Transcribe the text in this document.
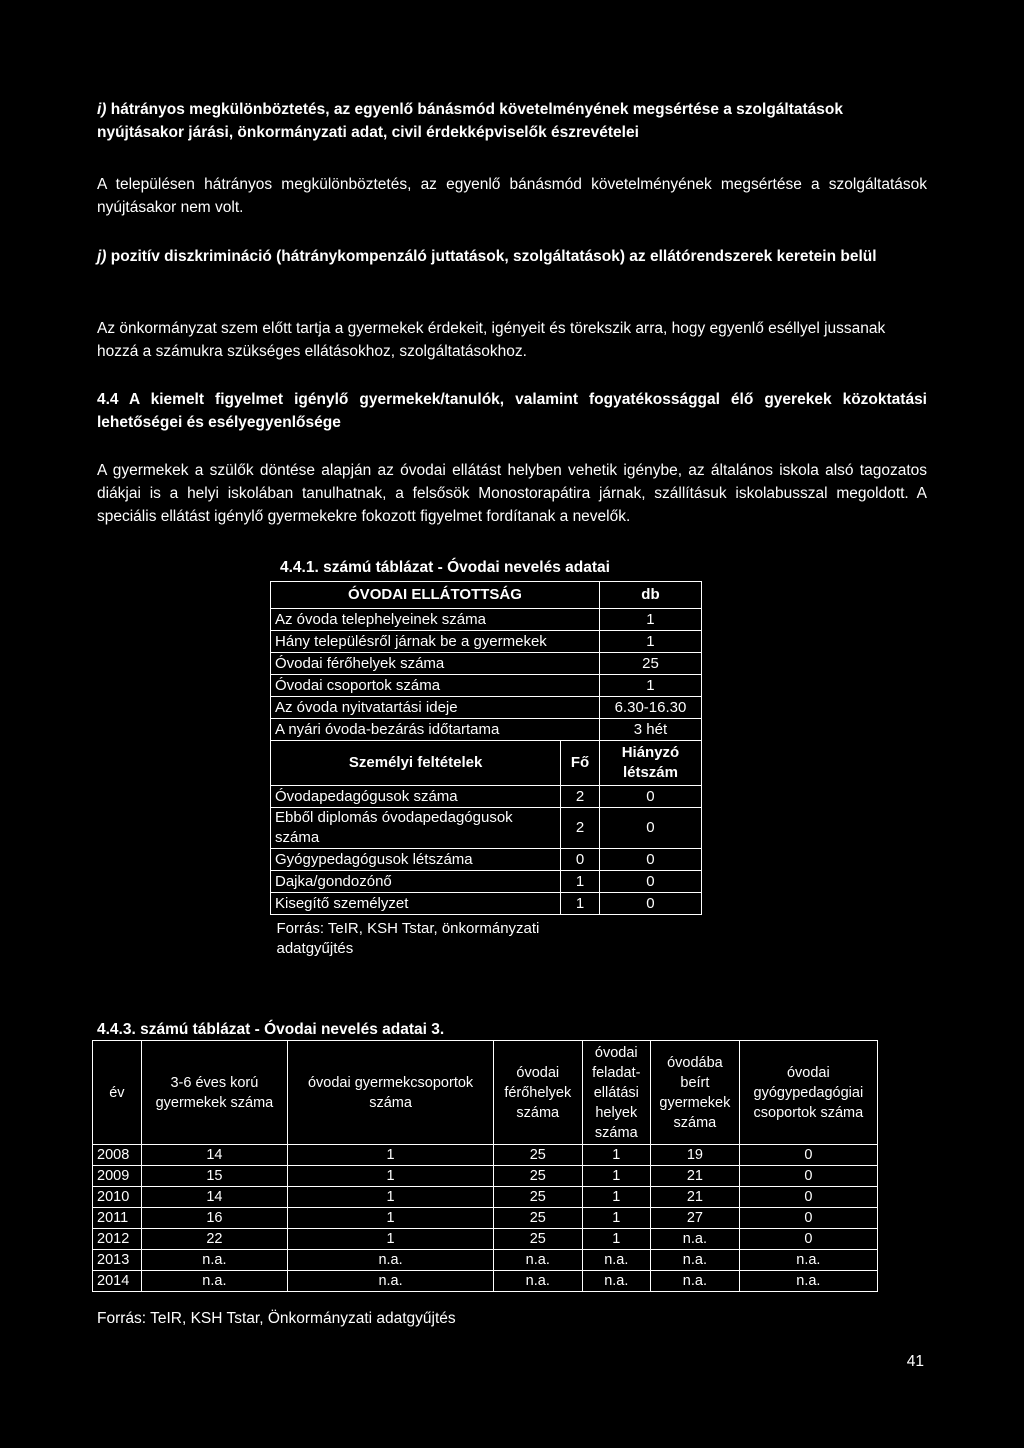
i) hátrányos megkülönböztetés, az egyenlő bánásmód követelményének megsértése a szolgáltatások nyújtásakor járási, önkormányzati adat, civil érdekképviselők észrevételei

A településen hátrányos megkülönböztetés, az egyenlő bánásmód követelményének megsértése a szolgáltatások nyújtásakor nem volt.

j) pozitív diszkrimináció (hátránykompenzáló juttatások, szolgáltatások) az ellátórendszerek keretein belül

Az önkormányzat szem előtt tartja a gyermekek érdekeit, igényeit és törekszik arra, hogy egyenlő eséllyel jussanak hozzá a számukra szükséges ellátásokhoz, szolgáltatásokhoz.

4.4 A kiemelt figyelmet igénylő gyermekek/tanulók, valamint fogyatékossággal élő gyerekek közoktatási lehetőségei és esélyegyenlősége

A gyermekek a szülők döntése alapján az óvodai ellátást helyben vehetik igénybe, az általános iskola alsó tagozatos diákjai is a helyi iskolában tanulhatnak, a felsősök Monostorapátira járnak, szállításuk iskolabusszal megoldott. A speciális ellátást igénylő gyermekekre fokozott figyelmet fordítanak a nevelők.

4.4.1. számú táblázat - Óvodai nevelés adatai

ÓVODAI ELLÁTOTTSÁG		db
Az óvoda telephelyeinek száma		1
Hány településről járnak be a gyermekek		1
Óvodai férőhelyek száma		25
Óvodai csoportok száma		1
Az óvoda nyitvatartási ideje		6.30-16.30
A nyári óvoda-bezárás időtartama		3 hét
Személyi feltételek	Fő	Hiányzó létszám
Óvodapedagógusok száma	2	0
Ebből diplomás óvodapedagógusok száma	2	0
Gyógypedagógusok létszáma	0	0
Dajka/gondozónő	1	0
Kisegítő személyzet	1	0
Forrás: TeIR, KSH Tstar, önkormányzati adatgyűjtés		

4.4.3. számú táblázat - Óvodai nevelés adatai 3.

év	3-6 éves korú gyermekek száma	óvodai gyermekcsoportok száma	óvodai férőhelyek száma	óvodai feladat-ellátási helyek száma	óvodába beírt gyermekek száma	óvodai gyógypedagógiai csoportok száma
2008	14	1	25	1	19	0
2009	15	1	25	1	21	0
2010	14	1	25	1	21	0
2011	16	1	25	1	27	0
2012	22	1	25	1	n.a.	0
2013	n.a.	n.a.	n.a.	n.a.	n.a.	n.a.
2014	n.a.	n.a.	n.a.	n.a.	n.a.	n.a.

Forrás: TeIR, KSH Tstar, Önkormányzati adatgyűjtés

41
